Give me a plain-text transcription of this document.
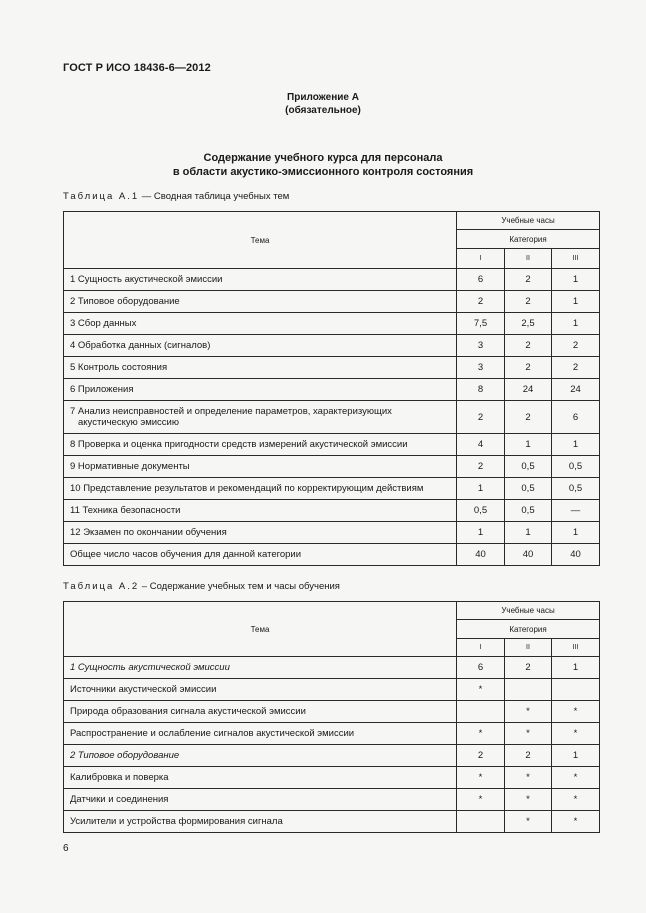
ГОСТ Р ИСО 18436-6—2012
Приложение А
(обязательное)
Содержание учебного курса для персонала
в области акустико-эмиссионного контроля состояния
Таблица А.1 — Сводная таблица учебных тем
Тема	Учебные часы		
	Категория		
	I	II	III

1 Сущность акустической эмиссии	6	2	1

2 Типовое оборудование	2	2	1

3 Сбор данных	7,5	2,5	1

4 Обработка данных (сигналов)	3	2	2

5 Контроль состояния	3	2	2

6 Приложения	8	24	24

7 Анализ неисправностей и определение параметров, характеризующих
акустическую эмиссию	2	2	6

8 Проверка и оценка пригодности средств измерений акустической эмиссии	4	1	1

9 Нормативные документы	2	0,5	0,5

10 Представление результатов и рекомендаций по корректирующим действиям	1	0,5	0,5

11 Техника безопасности	0,5	0,5	—

12 Экзамен по окончании обучения	1	1	1

Общее число часов обучения для данной категории	40	40	40
Таблица А.2 – Содержание учебных тем и часы обучения
Тема	Учебные часы		
	Категория		
	I	II	III

1 Сущность акустической эмиссии	6	2	1

Источники акустической эмиссии	*		

Природа образования сигнала акустической эмиссии		*	*

Распространение и ослабление сигналов акустической эмиссии	*	*	*

2 Типовое оборудование	2	2	1

Калибровка и поверка	*	*	*

Датчики и соединения	*	*	*

Усилители и устройства формирования сигнала		*	*
6
